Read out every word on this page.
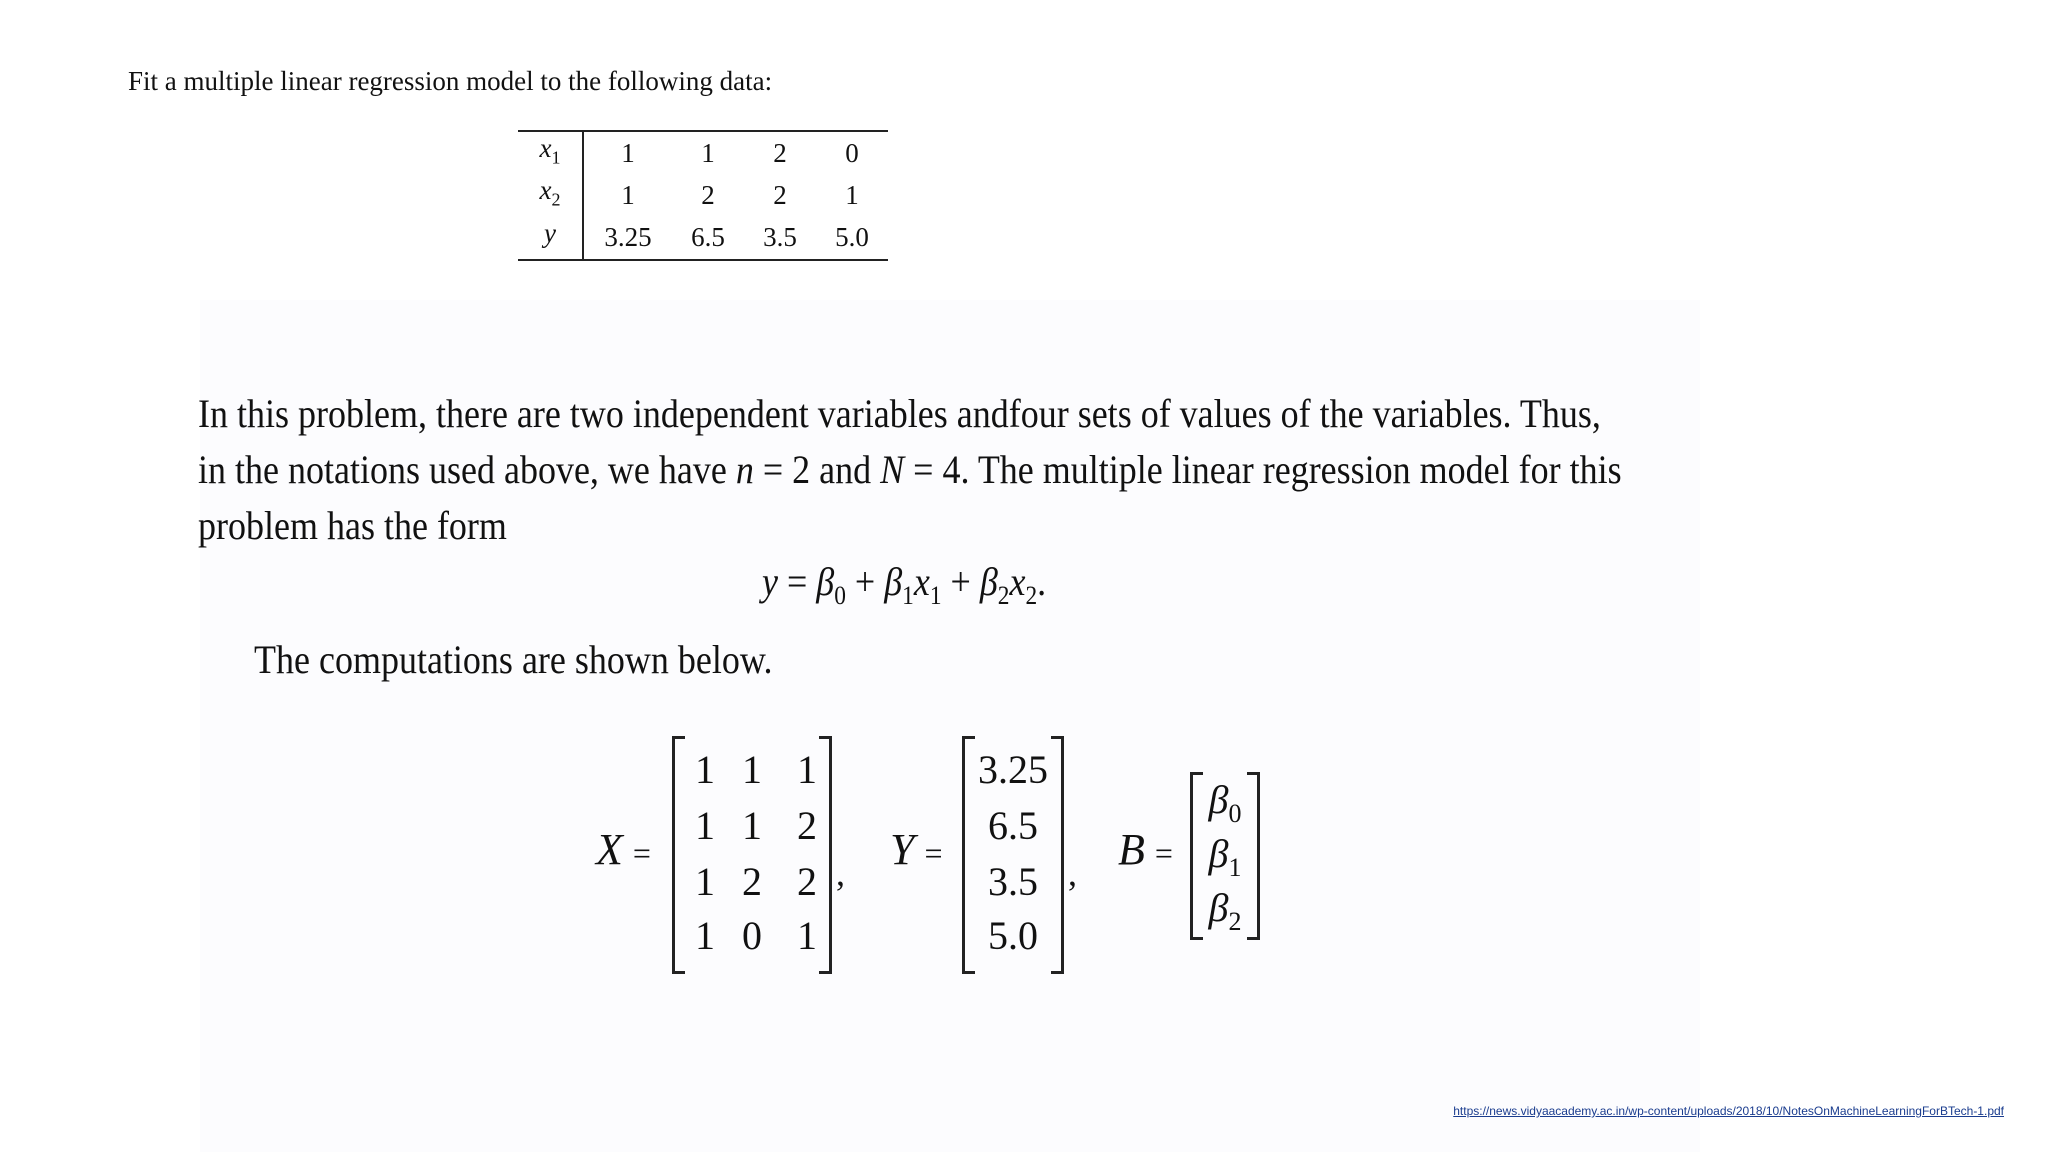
Fit a multiple linear regression model to the following data:
$x_1$	1	1	2	0
$x_2$	1	2	2	1
y	3.25	6.5	3.5	5.0
In this problem, there are two independent variables andfour sets of values of the variables. Thus,
in the notations used above, we have n = 2 and N = 4. The multiple linear regression model for this
problem has the form
$y = \beta_0 + \beta_1x_1 + \beta_2x_2$.
The computations are shown below.
X =
1 1 1
1 1 2
1 2 2
1 0 1
, Y =
3.25
6.5
3.5
5.0
, B =
$\beta_0$
$\beta_1$
$\beta_2$
https://news.vidyaacademy.ac.in/wp-content/uploads/2018/10/NotesOnMachineLearningForBTech-1.pdf
